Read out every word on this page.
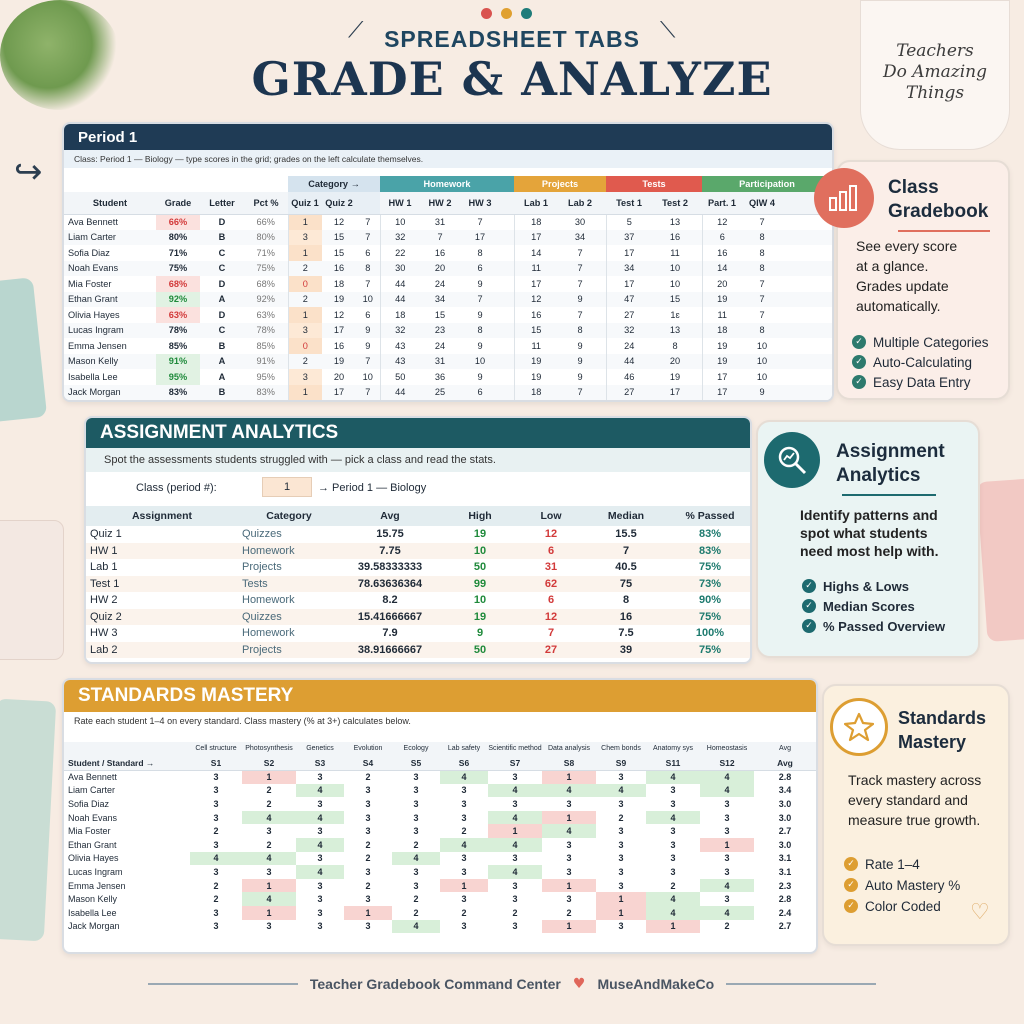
Teachers
Do Amazing
Things
⟋	⟍
SPREADSHEET TABS
GRADE & ANALYZE
↪
Period 1
Class: Period 1 — Biology — type scores in the grid; grades on the left calculate themselves.
				Category →			Homework				Projects			Tests			Participation		
Student	Grade	Letter	Pct %	Quiz 1	Quiz 2		HW 1	HW 2	HW 3		Lab 1	Lab 2		Test 1	Test 2		Part. 1	QIW 4	
Ava Bennett	66%	D	66%	1	12	7	10	31	7		18	30		5	13		12	7	
Liam Carter	80%	B	80%	3	15	7	32	7	17		17	34		37	16		6	8	
Sofia Diaz	71%	C	71%	1	15	6	22	16	8		14	7		17	11		16	8	
Noah Evans	75%	C	75%	2	16	8	30	20	6		11	7		34	10		14	8	
Mia Foster	68%	D	68%	0	18	7	44	24	9		17	7		17	10		20	7	
Ethan Grant	92%	A	92%	2	19	10	44	34	7		12	9		47	15		19	7	
Olivia Hayes	63%	D	63%	1	12	6	18	15	9		16	7		27	1ɛ		11	7	
Lucas Ingram	78%	C	78%	3	17	9	32	23	8		15	8		32	13		18	8	
Emma Jensen	85%	B	85%	0	16	9	43	24	9		11	9		24	8		19	10	
Mason Kelly	91%	A	91%	2	19	7	43	31	10		19	9		44	20		19	10	
Isabella Lee	95%	A	95%	3	20	10	50	36	9		19	9		46	19		17	10	
Jack Morgan	83%	B	83%	1	17	7	44	25	6		18	7		27	17		17	9	
ASSIGNMENT ANALYTICS
Spot the assessments students struggled with — pick a class and read the stats.
Class (period #):	1	→ Period 1 — Biology
Assignment	Category	Avg	High	Low	Median	% Passed
Quiz 1	Quizzes	15.75	19	12	15.5	83%
HW 1	Homework	7.75	10	6	7	83%
Lab 1	Projects	39.58333333	50	31	40.5	75%
Test 1	Tests	78.63636364	99	62	75	73%
HW 2	Homework	8.2	10	6	8	90%
Quiz 2	Quizzes	15.41666667	19	12	16	75%
HW 3	Homework	7.9	9	7	7.5	100%
Lab 2	Projects	38.91666667	50	27	39	75%
STANDARDS MASTERY
Rate each student 1–4 on every standard. Class mastery (% at 3+) calculates below.
	Cell structure	Photosynthesis	Genetics	Evolution	Ecology	Lab safety	Scientific method	Data analysis	Chem bonds	Anatomy sys	Homeostasis	Avg
Student / Standard →	S1	S2	S3	S4	S5	S6	S7	S8	S9	S11	S12	Avg
Ava Bennett	3	1	3	2	3	4	3	1	3	4	4	2.8
Liam Carter	3	2	4	3	3	3	4	4	4	3	4	3.4
Sofia Diaz	3	2	3	3	3	3	3	3	3	3	3	3.0
Noah Evans	3	4	4	3	3	3	4	1	2	4	3	3.0
Mia Foster	2	3	3	3	3	2	1	4	3	3	3	2.7
Ethan Grant	3	2	4	2	2	4	4	3	3	3	1	3.0
Olivia Hayes	4	4	3	2	4	3	3	3	3	3	3	3.1
Lucas Ingram	3	3	4	3	3	3	4	3	3	3	3	3.1
Emma Jensen	2	1	3	2	3	1	3	1	3	2	4	2.3
Mason Kelly	2	4	3	3	2	3	3	3	1	4	3	2.8
Isabella Lee	3	1	3	1	2	2	2	2	1	4	4	2.4
Jack Morgan	3	3	3	3	4	3	3	1	3	1	2	2.7
Class
Gradebook
See every score
at a glance.
Grades update
automatically.
✓ Multiple Categories
✓ Auto-Calculating
✓ Easy Data Entry
Assignment
Analytics
Identify patterns and
spot what students
need most help with.
✓ Highs & Lows
✓ Median Scores
✓ % Passed Overview
Standards
Mastery
Track mastery across
every standard and
measure true growth.
✓ Rate 1–4
✓ Auto Mastery %
✓ Color Coded ♡
Teacher Gradebook Command Center ♥ MuseAndMakeCo
